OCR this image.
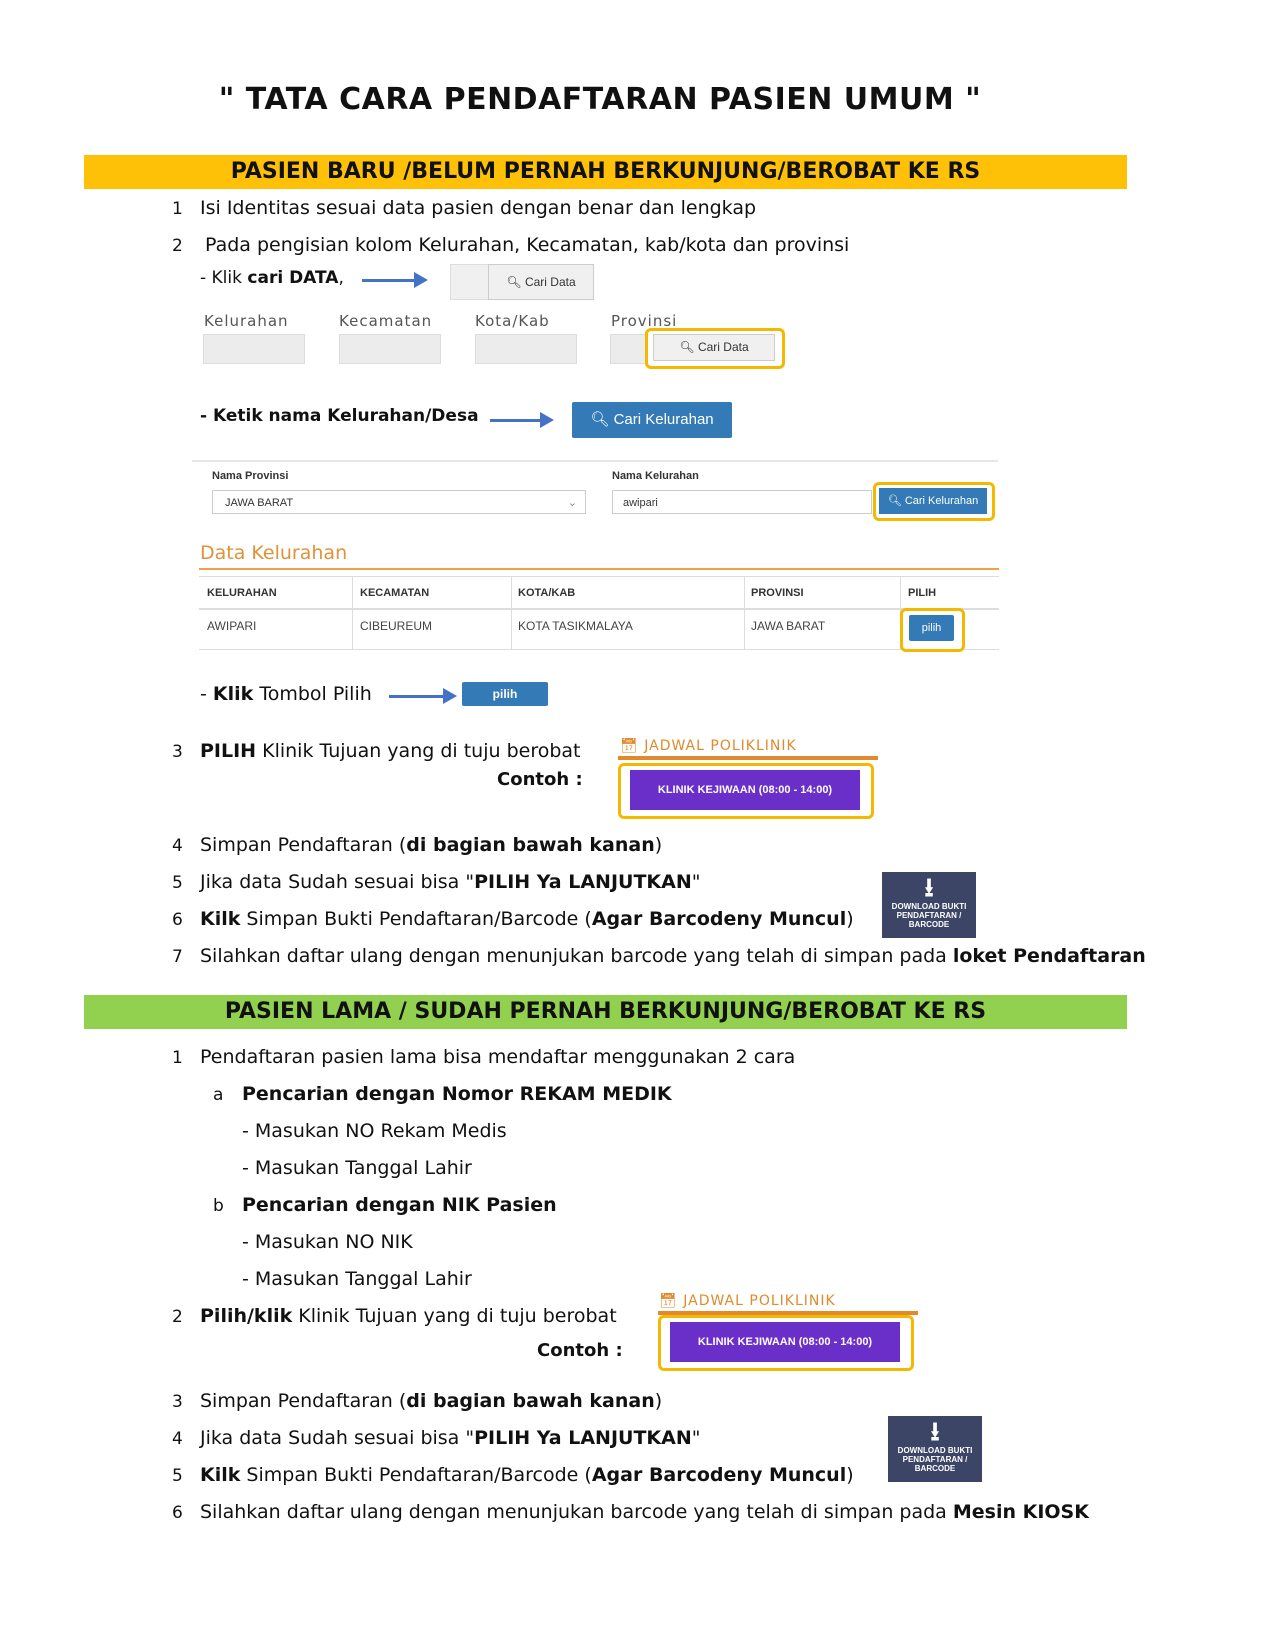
" TATA CARA PENDAFTARAN PASIEN UMUM "
PASIEN BARU /BELUM PERNAH BERKUNJUNG/BEROBAT KE RS
1 Isi Identitas sesuai data pasien dengan benar dan lengkap
2 Pada pengisian kolom Kelurahan, Kecamatan, kab/kota dan provinsi
- Klik cari DATA,	🔍︎ Cari Data
Kelurahan	Kecamatan	Kota/Kab	Provinsi
🔍︎ Cari Data
- Ketik nama Kelurahan/Desa	🔍︎ Cari Kelurahan
Nama Provinsi
JAWA BARAT	⌄
Nama Kelurahan
awipari	🔍︎ Cari Kelurahan
Data Kelurahan
KELURAHAN	KECAMATAN	KOTA/KAB	PROVINSI	PILIH
AWIPARI	CIBEUREUM	KOTA TASIKMALAYA	JAWA BARAT	pilih
- Klik Tombol Pilih	pilih
3 PILIH Klinik Tujuan yang di tuju berobat
Contoh :
📅︎ JADWAL POLIKLINIK
KLINIK KEJIWAAN (08:00 - 14:00)
4 Simpan Pendaftaran (di bagian bawah kanan)
5 Jika data Sudah sesuai bisa "PILIH Ya LANJUTKAN"
6 Kilk Simpan Bukti Pendaftaran/Barcode (Agar Barcodeny Muncul)
⭳
DOWNLOAD BUKTI PENDAFTARAN / BARCODE
7 Silahkan daftar ulang dengan menunjukan barcode yang telah di simpan pada loket Pendaftaran
PASIEN LAMA / SUDAH PERNAH BERKUNJUNG/BEROBAT KE RS
1 Pendaftaran pasien lama bisa mendaftar menggunakan 2 cara
a Pencarian dengan Nomor REKAM MEDIK
- Masukan NO Rekam Medis
- Masukan Tanggal Lahir
b Pencarian dengan NIK Pasien
- Masukan NO NIK
- Masukan Tanggal Lahir
2 Pilih/klik Klinik Tujuan yang di tuju berobat
Contoh :
📅︎ JADWAL POLIKLINIK
KLINIK KEJIWAAN (08:00 - 14:00)
3 Simpan Pendaftaran (di bagian bawah kanan)
4 Jika data Sudah sesuai bisa "PILIH Ya LANJUTKAN"
5 Kilk Simpan Bukti Pendaftaran/Barcode (Agar Barcodeny Muncul)
⭳
DOWNLOAD BUKTI PENDAFTARAN / BARCODE
6 Silahkan daftar ulang dengan menunjukan barcode yang telah di simpan pada Mesin KIOSK
